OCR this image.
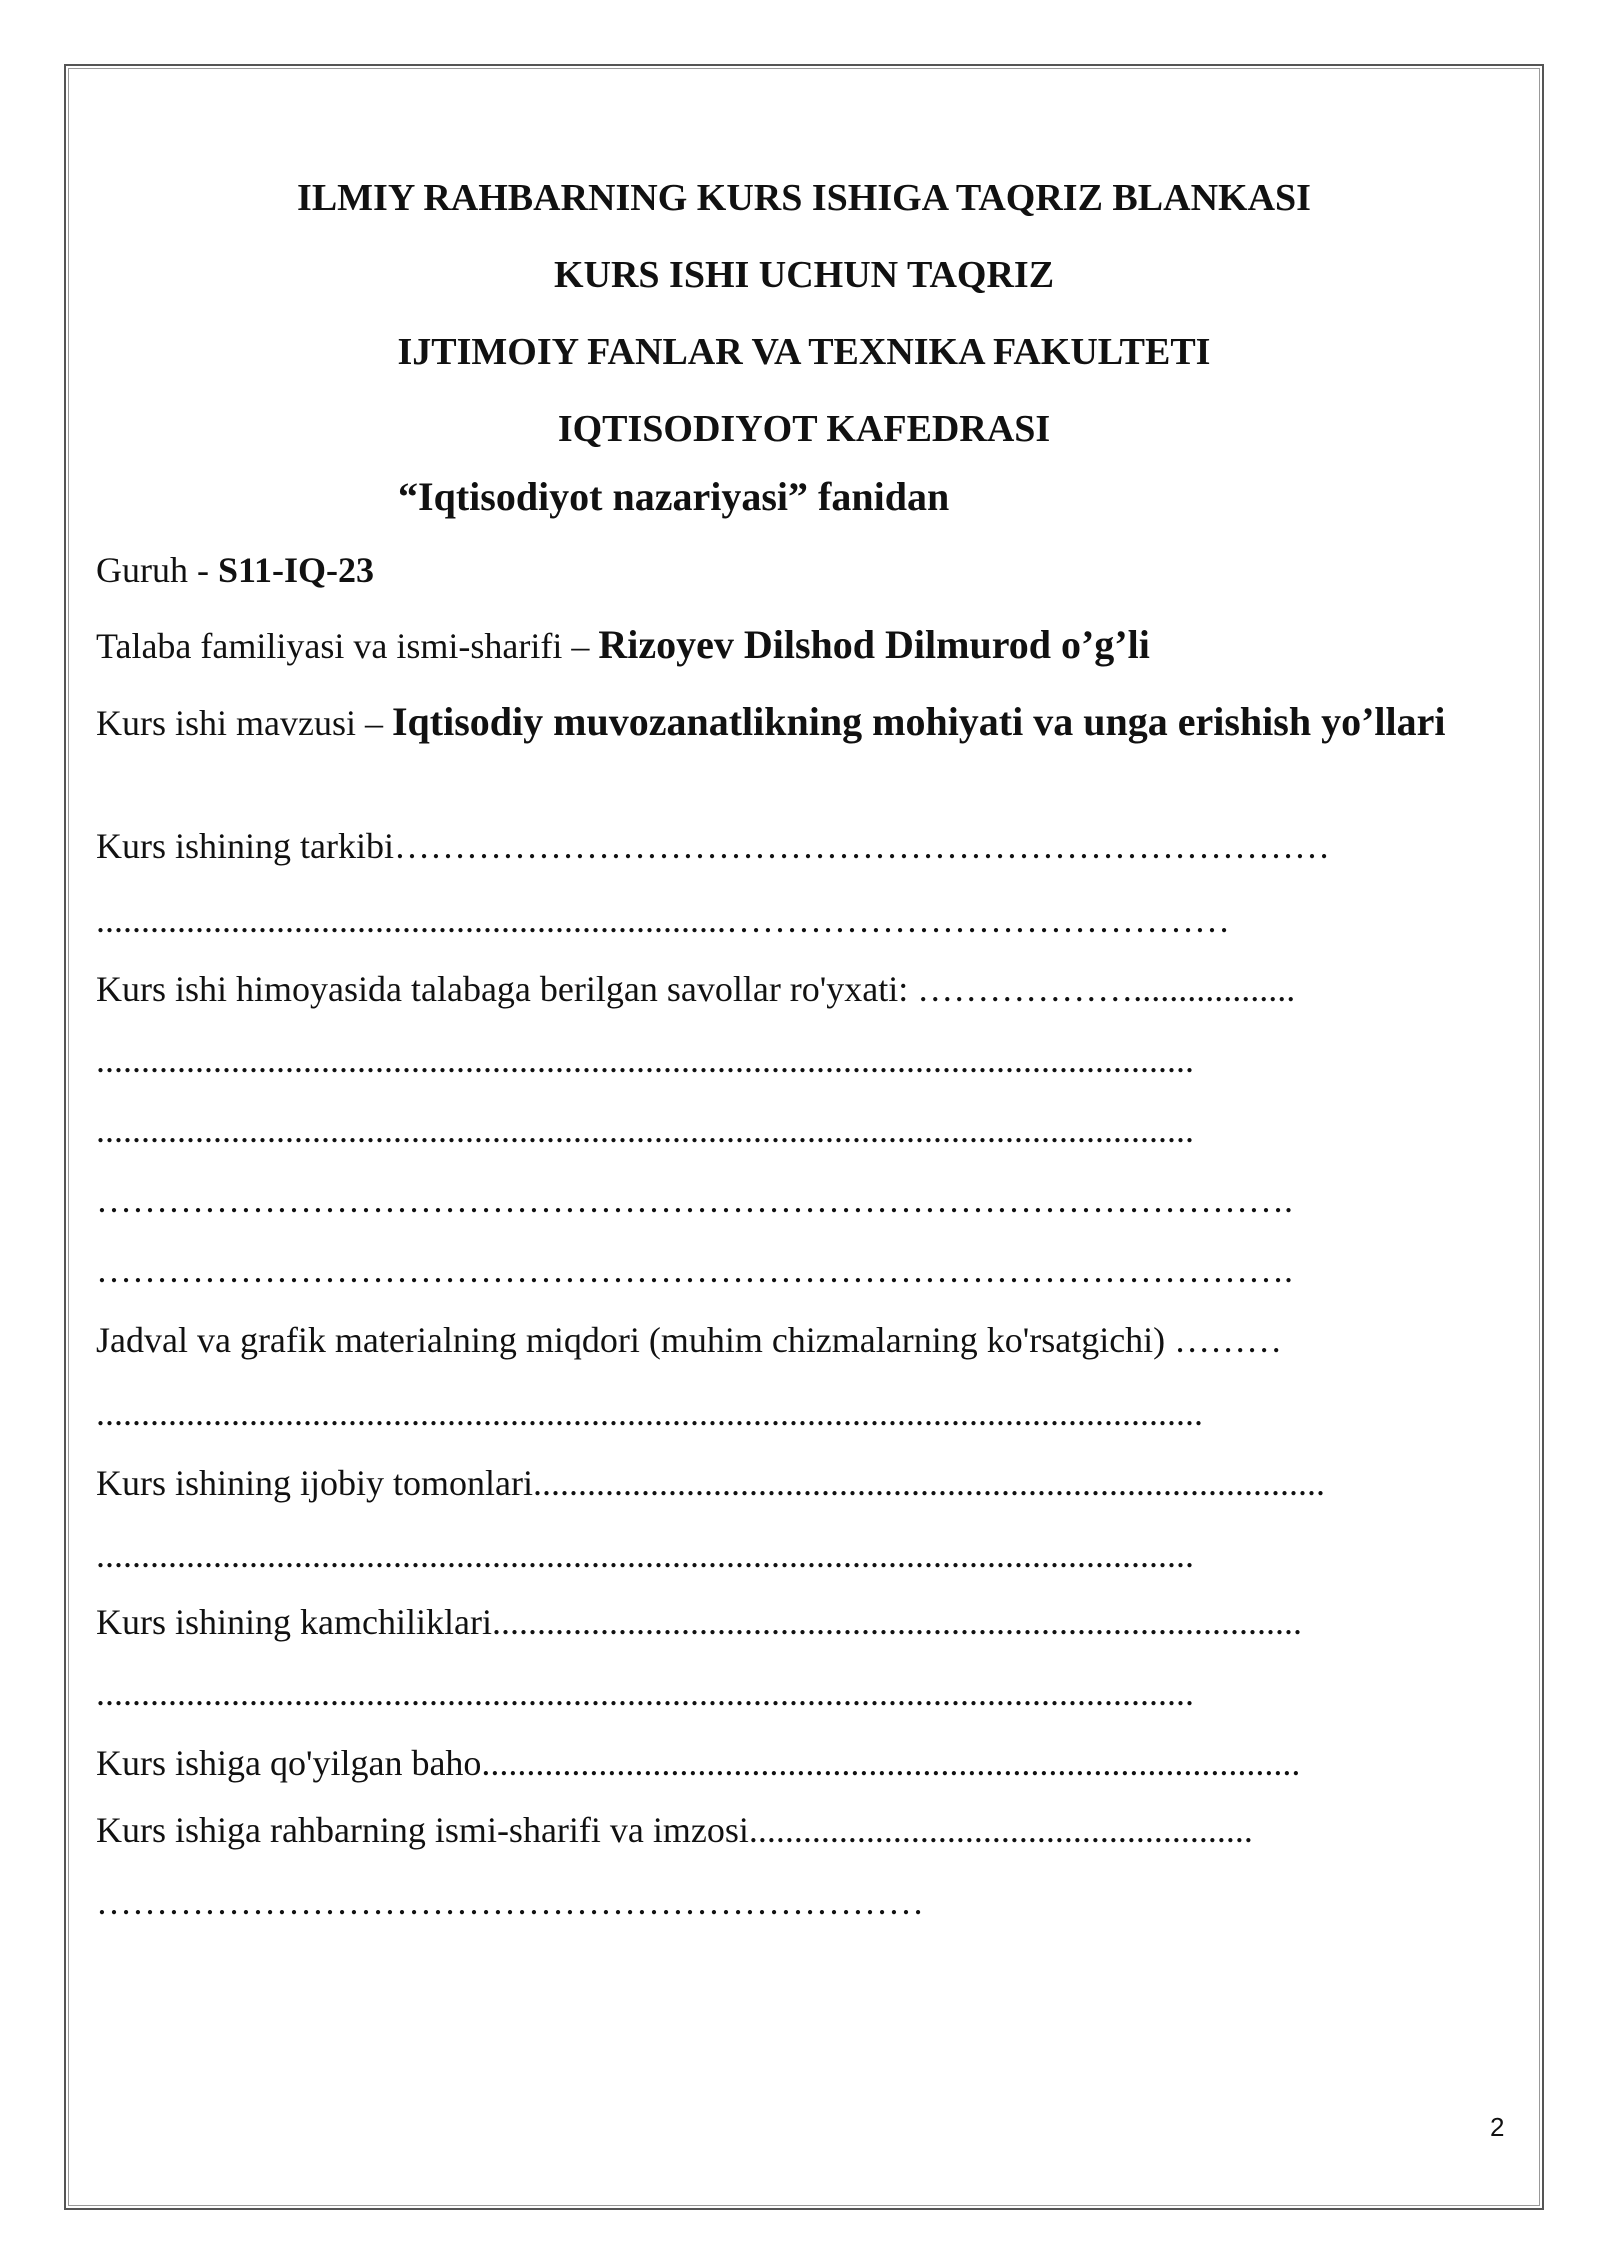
ILMIY RAHBARNING KURS ISHIGA TAQRIZ BLANKASI
KURS ISHI UCHUN TAQRIZ
IJTIMOIY FANLAR VA TEXNIKA FAKULTETI
IQTISODIYOT KAFEDRASI
“Iqtisodiyot nazariyasi” fanidan
Guruh - S11-IQ-23
Talaba familiyasi va ismi-sharifi – Rizoyev Dilshod Dilmurod o’g’li
Kurs ishi mavzusi – Iqtisodiy muvozanatlikning mohiyati va unga erishish yo’llari
Kurs ishining tarkibi……………………………………………………………………
......................................................................……………………………………
Kurs ishi himoyasida talabaga berilgan savollar ro'yxati: ………………..................
..........................................................................................................................
..........................................................................................................................
……………………………………………………………………………………….
……………………………………………………………………………………….
Jadval va grafik materialning miqdori (muhim chizmalarning ko'rsatgichi) ………
...........................................................................................................................
Kurs ishining ijobiy tomonlari........................................................................................
..........................................................................................................................
Kurs ishining kamchiliklari..........................................................................................
..........................................................................................................................
Kurs ishiga qo'yilgan baho...........................................................................................
Kurs ishiga rahbarning ismi-sharifi va imzosi........................................................
……………………………………………………………
2
